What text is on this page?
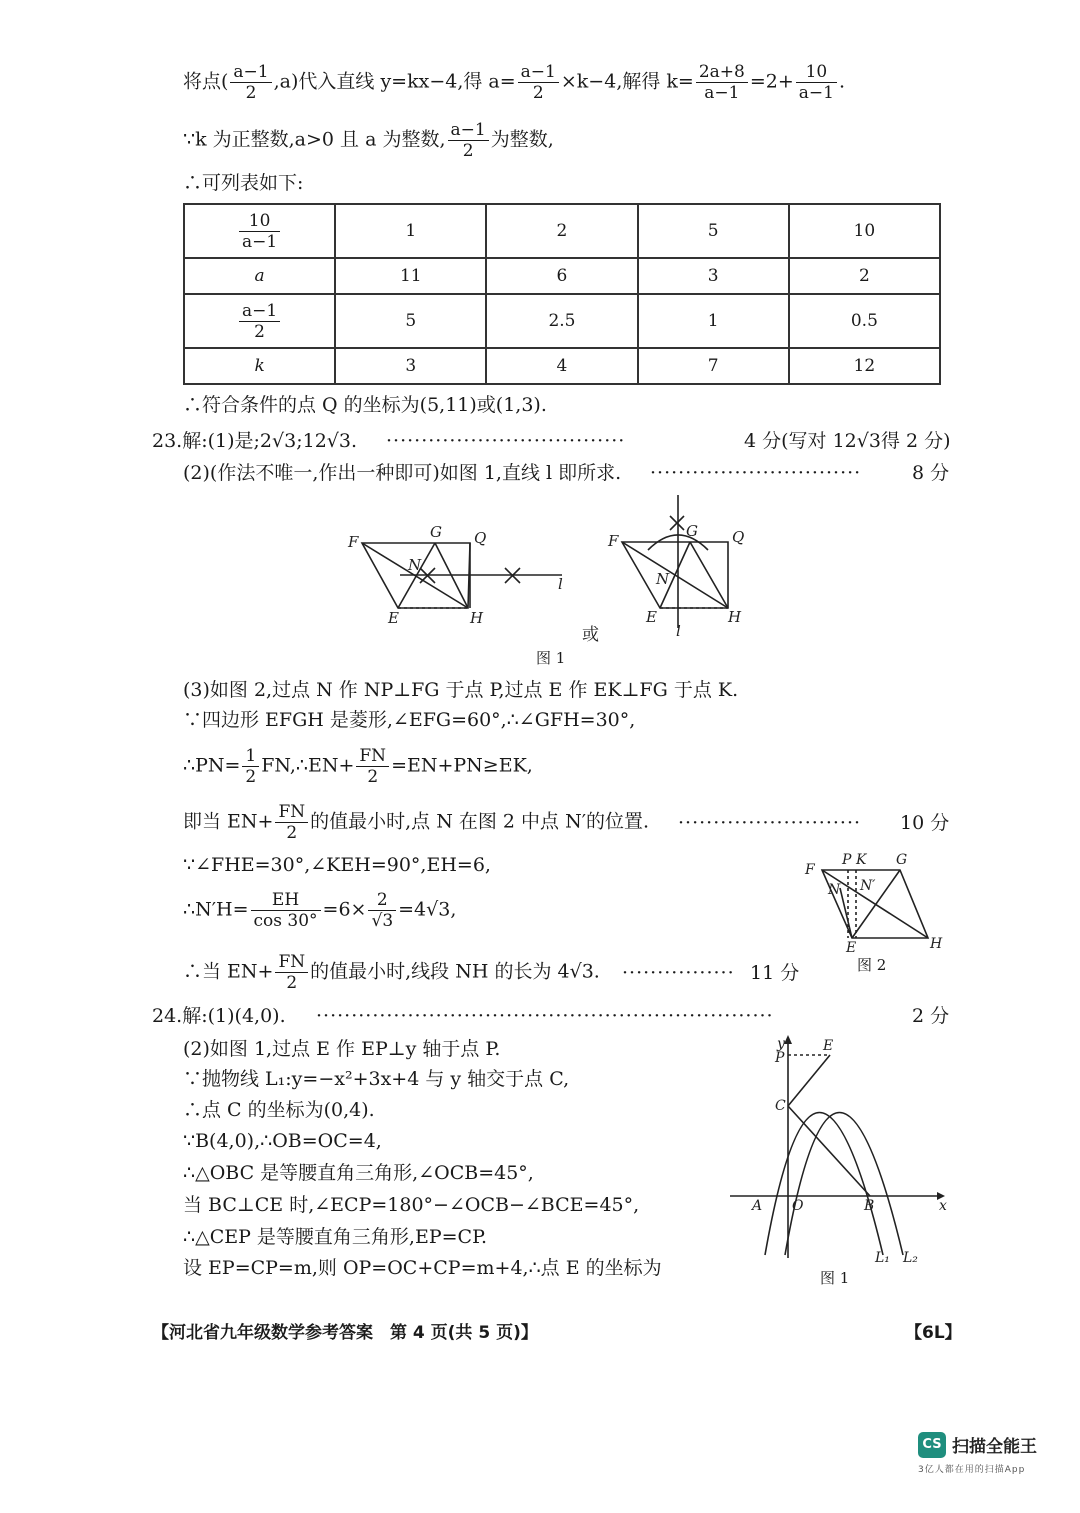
将点( $\frac{a-1}{2} ,a$)代入直线 y=kx−4,得 $a= \frac{a-1}{2} \times k-4$,解得 $k= \frac{2a+8}{a-1} =2+ \frac{10}{a-1}$ .
∵k 为正整数,a>0 且 a 为整数, $\frac{a-1}{2}$ 为整数,
∴可列表如下:
$\frac{10}{a-1}$	1	2	5	10
a	11	6	3	2

$\frac{a-1}{2}$	5	2.5	1	0.5
k	3	4	7	12
∴符合条件的点 Q 的坐标为(5,11)或(1,3).
23.解:(1)是;2√3;12√3. ··································	4 分(写对 12√3得 2 分)
(2)(作法不唯一,作出一种即可)如图 1,直线 l 即所求. ······························	8 分
F
G Q
N
E	H
l
F
G Q
N
E	H
l
或
图 1
(3)如图 2,过点 N 作 NP⊥FG 于点 P,过点 E 作 EK⊥FG 于点 K.
∵四边形 EFGH 是菱形,∠EFG=60°,∴∠GFH=30°,
∴PN= $\frac{1}{2}$ FN,∴EN+ $\frac{FN}{2} =EN+PN\ge EK$,
即当 $EN+ \frac{FN}{2}$ 的值最小时,点 N 在图 2 中点 N′的位置. ·························· 10 分
∵∠FHE=30°,∠KEH=90°,EH=6,
∴N′H= $\frac{EH}{\cos 30^\circ} =6\times \frac{2}{√3} =4√3$,
F
P K G
N N′
E	H
图 2
∴当 $EN+ \frac{FN}{2}$ 的值最小时,线段 NH 的长为 4√3. ················ 11 分
24.解:(1)(4,0). ·································································	2 分
(2)如图 1,过点 E 作 EP⊥y 轴于点 P.
∵抛物线 L₁:y=−x²+3x+4 与 y 轴交于点 C,
∴点 C 的坐标为(0,4).
∵B(4,0),∴OB=OC=4,
∴△OBC 是等腰直角三角形,∠OCB=45°,
当 BC⊥CE 时,∠ECP=180°−∠OCB−∠BCE=45°,
∴△CEP 是等腰直角三角形,EP=CP.
设 EP=CP=m,则 OP=OC+CP=m+4,∴点 E 的坐标为
y
x
P
E
C
A O	B
L₁ L₂
图 1
【河北省九年级数学参考答案　第 4 页(共 5 页)】	【6L】
CS 扫描全能王
3亿人都在用的扫描App
